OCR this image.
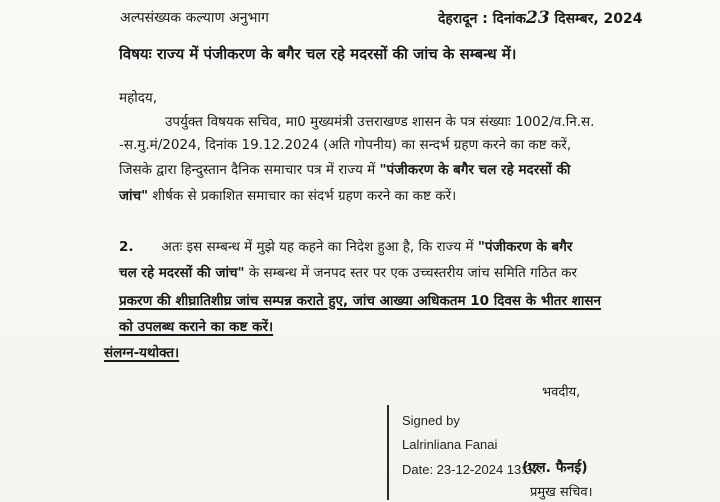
अल्पसंख्यक कल्याण अनुभाग	देहरादून : दिनांक23 दिसम्बर, 2024
विषयः राज्य में पंजीकरण के बगैर चल रहे मदरसों की जांच के सम्बन्ध में।
महोदय,
उपर्युक्त विषयक सचिव, मा0 मुख्यमंत्री उत्तराखण्ड शासन के पत्र संख्याः 1002/व.नि.स.
-स.मु.मं/2024, दिनांक 19.12.2024 (अति गोपनीय) का सन्दर्भ ग्रहण करने का कष्ट करें,
जिसके द्वारा हिन्दुस्तान दैनिक समाचार पत्र में राज्य में "पंजीकरण के बगैर चल रहे मदरसों की
जांच" शीर्षक से प्रकाशित समाचार का संदर्भ ग्रहण करने का कष्ट करें।
2. अतः इस सम्बन्ध में मुझे यह कहने का निदेश हुआ है, कि राज्य में "पंजीकरण के बगैर
चल रहे मदरसों की जांच" के सम्बन्ध में जनपद स्तर पर एक उच्चस्तरीय जांच समिति गठित कर
प्रकरण की शीघ्रातिशीघ्र जांच सम्पन्न कराते हुए, जांच आख्या अधिकतम 10 दिवस के भीतर शासन
को उपलब्ध कराने का कष्ट करें।
संलग्न-यथोक्त।
भवदीय,
Signed by
Lalrinliana Fanai
Date: 23-12-2024 13:37:
(एल. फैनई)
प्रमुख सचिव।
